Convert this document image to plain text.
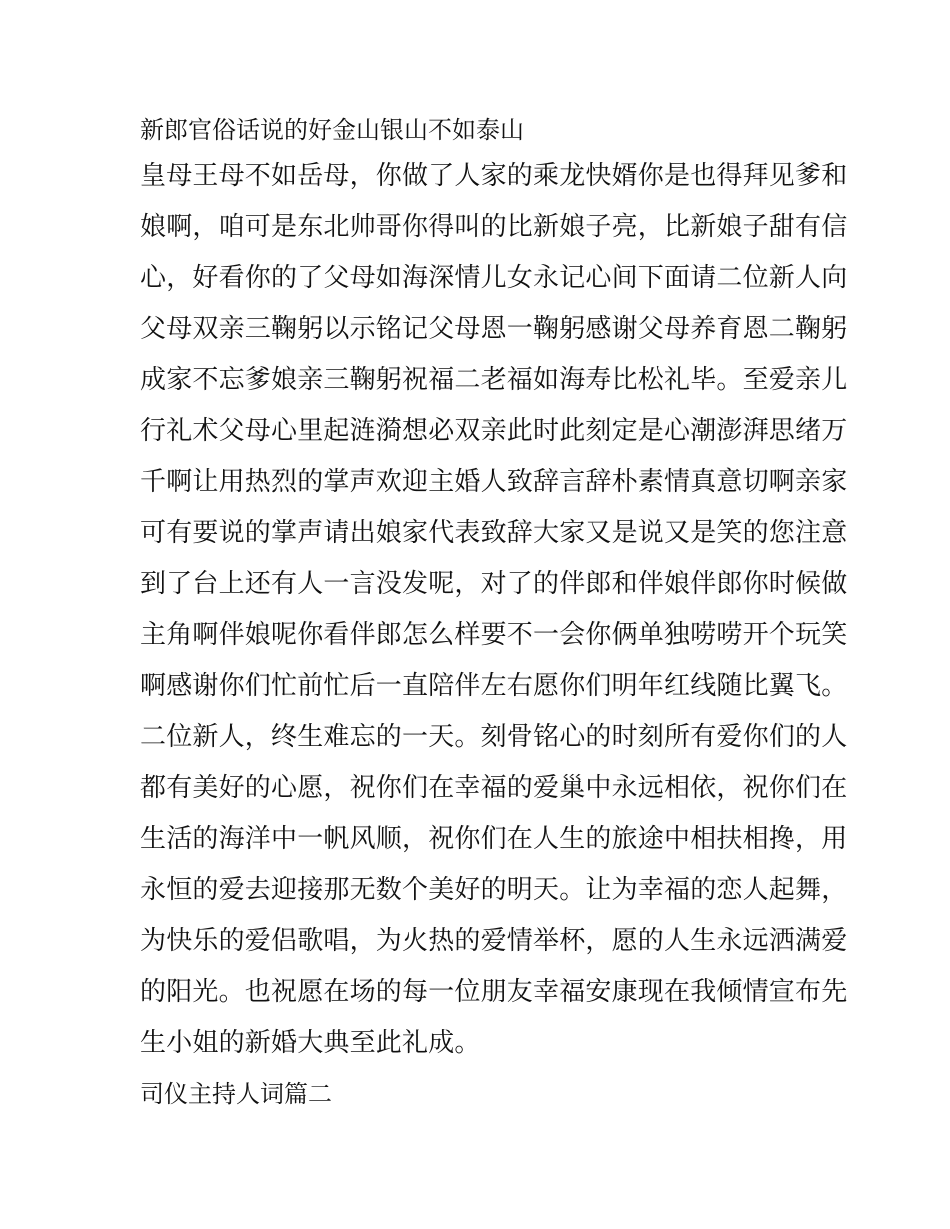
新郎官俗话说的好金山银山不如泰山
皇母王母不如岳母，你做了人家的乘龙快婿你是也得拜见爹和
娘啊，咱可是东北帅哥你得叫的比新娘子亮，比新娘子甜有信
心，好看你的了父母如海深情儿女永记心间下面请二位新人向
父母双亲三鞠躬以示铭记父母恩一鞠躬感谢父母养育恩二鞠躬
成家不忘爹娘亲三鞠躬祝福二老福如海寿比松礼毕。至爱亲儿
行礼术父母心里起涟漪想必双亲此时此刻定是心潮澎湃思绪万
千啊让用热烈的掌声欢迎主婚人致辞言辞朴素情真意切啊亲家
可有要说的掌声请出娘家代表致辞大家又是说又是笑的您注意
到了台上还有人一言没发呢，对了的伴郎和伴娘伴郎你时候做
主角啊伴娘呢你看伴郎怎么样要不一会你俩单独唠唠开个玩笑
啊感谢你们忙前忙后一直陪伴左右愿你们明年红线随比翼飞。
二位新人，终生难忘的一天。刻骨铭心的时刻所有爱你们的人
都有美好的心愿，祝你们在幸福的爱巢中永远相依，祝你们在
生活的海洋中一帆风顺，祝你们在人生的旅途中相扶相搀，用
永恒的爱去迎接那无数个美好的明天。让为幸福的恋人起舞，
为快乐的爱侣歌唱，为火热的爱情举杯，愿的人生永远洒满爱
的阳光。也祝愿在场的每一位朋友幸福安康现在我倾情宣布先
生小姐的新婚大典至此礼成。
司仪主持人词篇二
